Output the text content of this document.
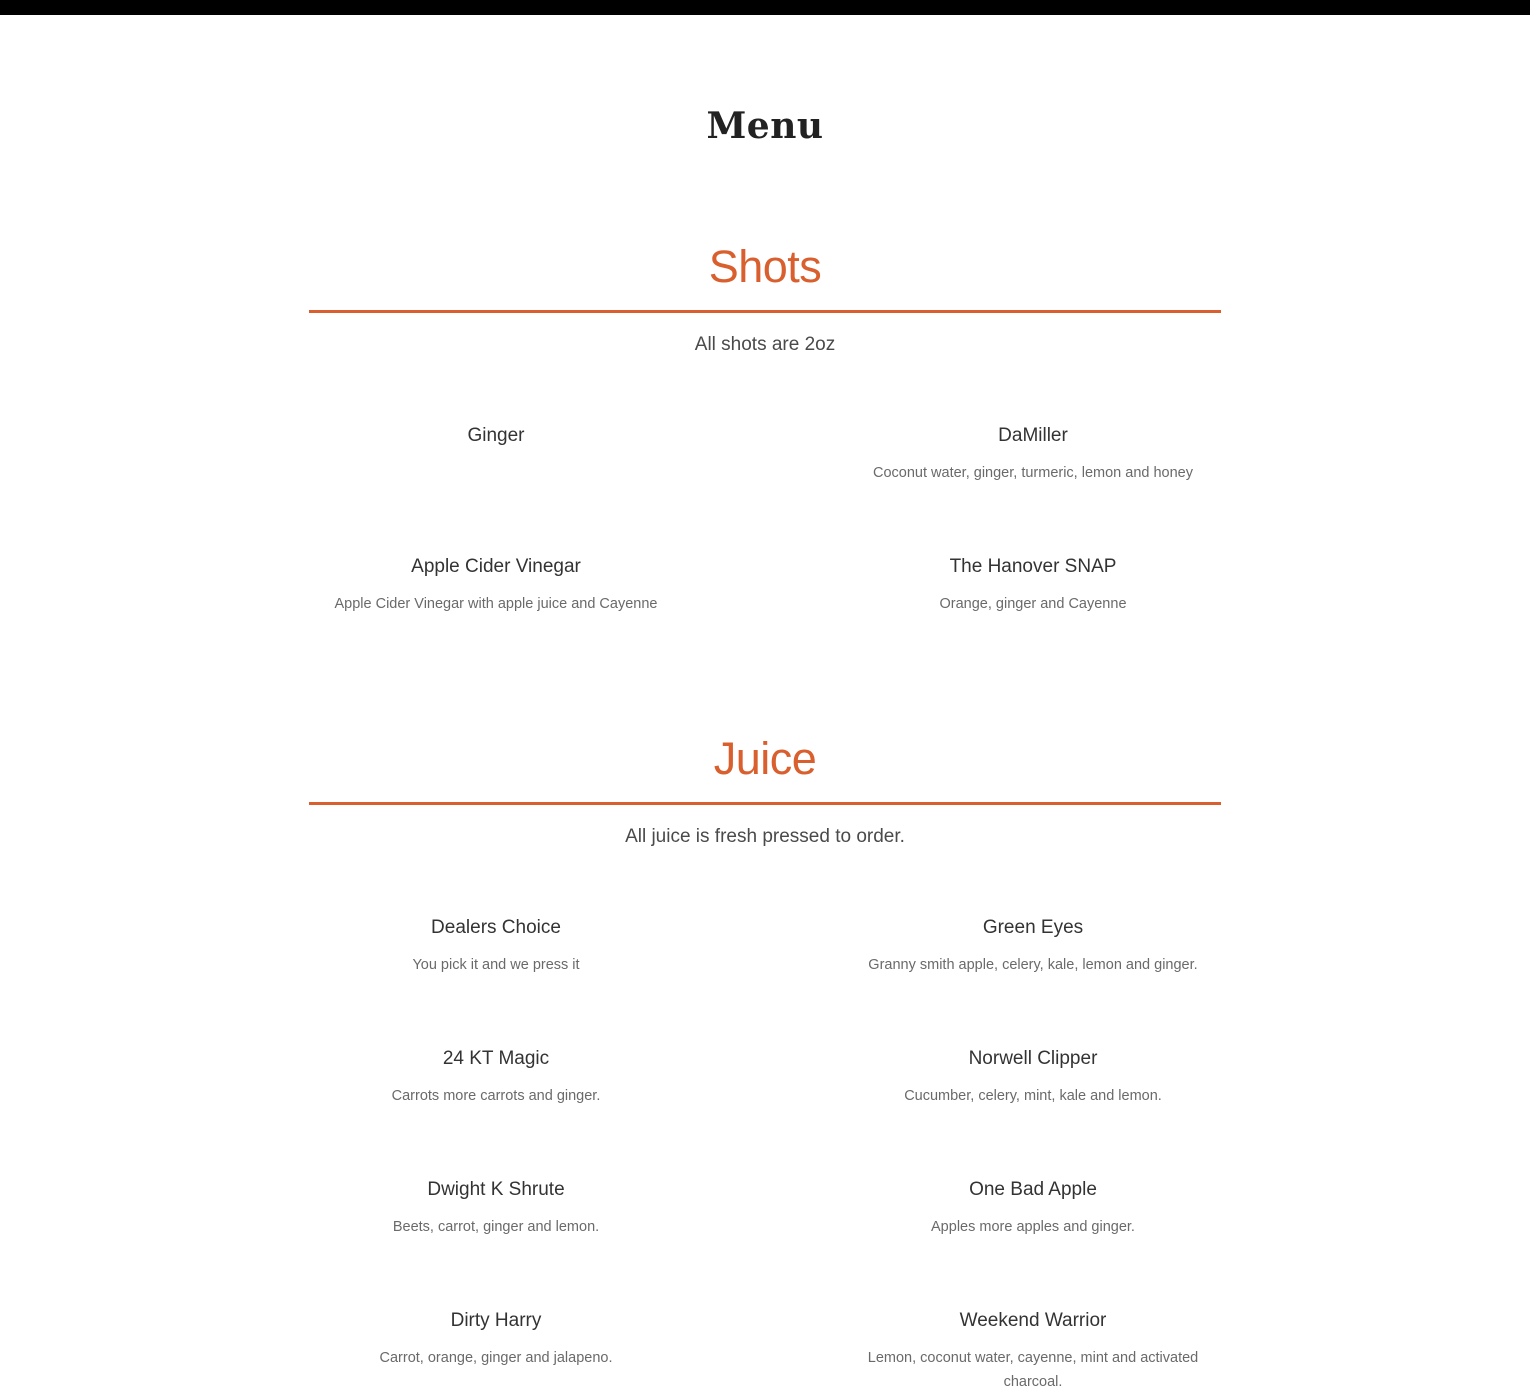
Menu
Shots

All shots are 2oz

Ginger	DaMiller

Coconut water, ginger, turmeric, lemon and honey

Apple Cider Vinegar

Apple Cider Vinegar with apple juice and Cayenne

The Hanover SNAP

Orange, ginger and Cayenne

Juice

All juice is fresh pressed to order.

Dealers Choice

You pick it and we press it

Green Eyes

Granny smith apple, celery, kale, lemon and ginger.

24 KT Magic

Carrots more carrots and ginger.

Norwell Clipper

Cucumber, celery, mint, kale and lemon.

Dwight K Shrute

Beets, carrot, ginger and lemon.

One Bad Apple

Apples more apples and ginger.

Dirty Harry

Carrot, orange, ginger and jalapeno.

Weekend Warrior

Lemon, coconut water, cayenne, mint and activated charcoal.
